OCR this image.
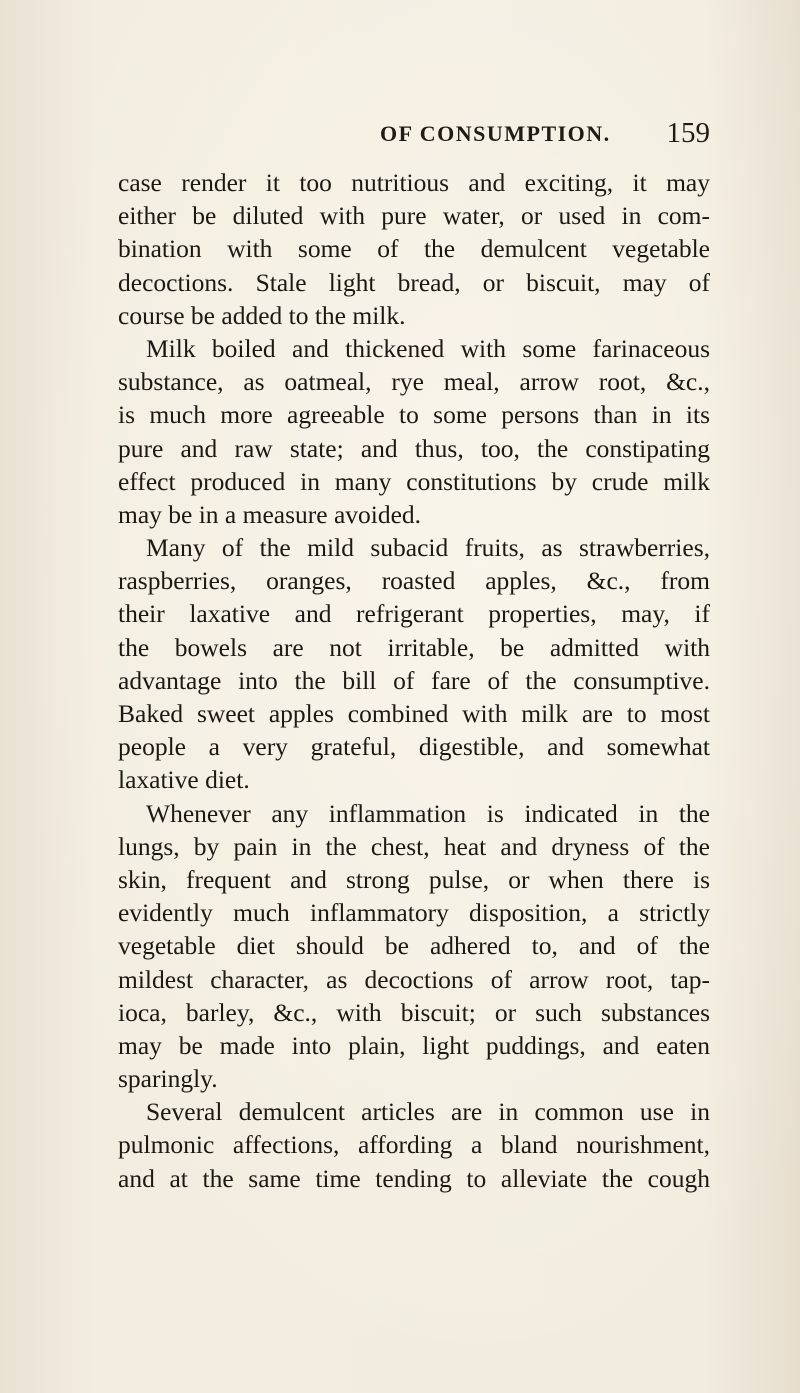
OF CONSUMPTION. 159
case render it too nutritious and exciting, it may
either be diluted with pure water, or used in com-
bination with some of the demulcent vegetable
decoctions. Stale light bread, or biscuit, may of
course be added to the milk.
Milk boiled and thickened with some farinaceous
substance, as oatmeal, rye meal, arrow root, &c.,
is much more agreeable to some persons than in its
pure and raw state; and thus, too, the constipating
effect produced in many constitutions by crude milk
may be in a measure avoided.
Many of the mild subacid fruits, as strawberries,
raspberries, oranges, roasted apples, &c., from
their laxative and refrigerant properties, may, if
the bowels are not irritable, be admitted with
advantage into the bill of fare of the consumptive.
Baked sweet apples combined with milk are to most
people a very grateful, digestible, and somewhat
laxative diet.
Whenever any inflammation is indicated in the
lungs, by pain in the chest, heat and dryness of the
skin, frequent and strong pulse, or when there is
evidently much inflammatory disposition, a strictly
vegetable diet should be adhered to, and of the
mildest character, as decoctions of arrow root, tap-
ioca, barley, &c., with biscuit; or such substances
may be made into plain, light puddings, and eaten
sparingly.
Several demulcent articles are in common use in
pulmonic affections, affording a bland nourishment,
and at the same time tending to alleviate the cough
